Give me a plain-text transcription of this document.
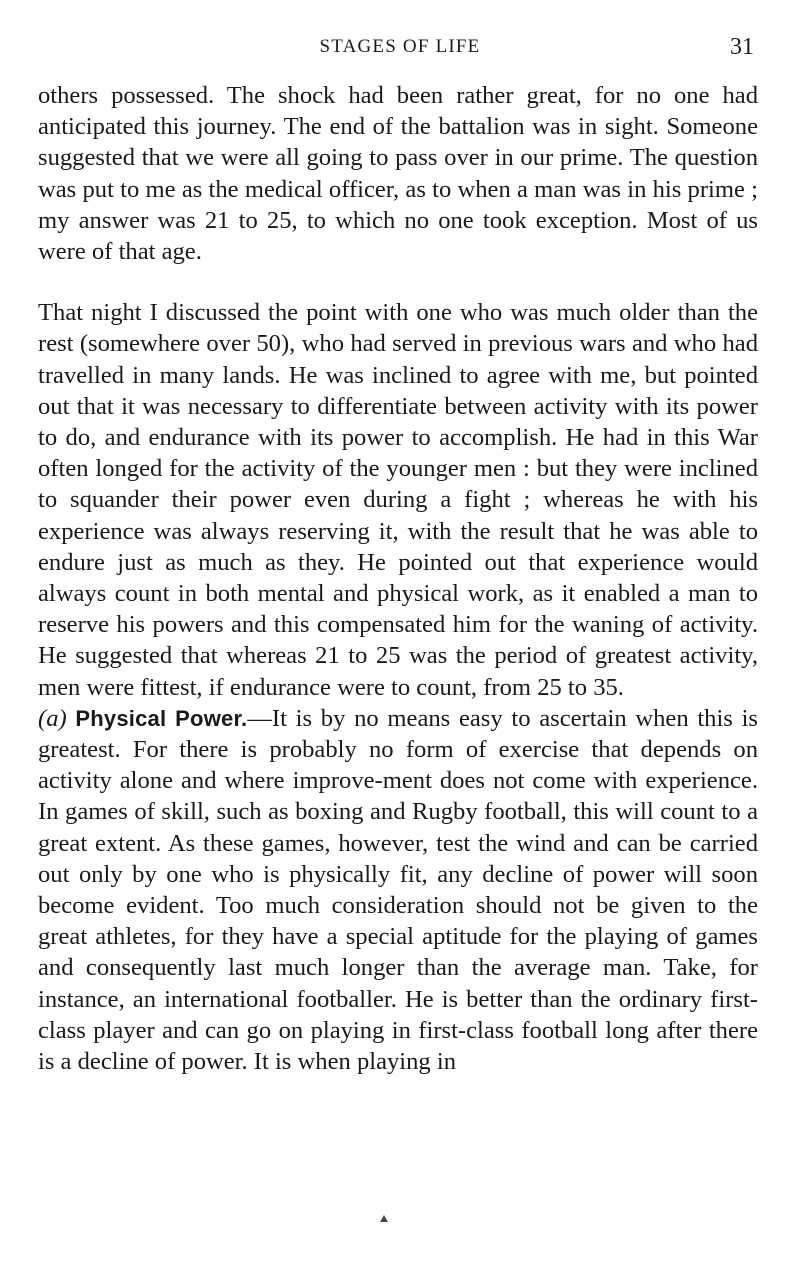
STAGES OF LIFE	31

others possessed. The shock had been rather great, for no one had anticipated this journey. The end of the battalion was in sight. Someone suggested that we were all going to pass over in our prime. The question was put to me as the medical officer, as to when a man was in his prime ; my answer was 21 to 25, to which no one took exception. Most of us were of that age.

That night I discussed the point with one who was much older than the rest (somewhere over 50), who had served in previous wars and who had travelled in many lands. He was inclined to agree with me, but pointed out that it was necessary to differentiate between activity with its power to do, and endurance with its power to accomplish. He had in this War often longed for the activity of the younger men : but they were inclined to squander their power even during a fight ; whereas he with his experience was always reserving it, with the result that he was able to endure just as much as they. He pointed out that experience would always count in both mental and physical work, as it enabled a man to reserve his powers and this compensated him for the waning of activity. He suggested that whereas 21 to 25 was the period of greatest activity, men were fittest, if endurance were to count, from 25 to 35.

(a) Physical Power.—It is by no means easy to ascertain when this is greatest. For there is probably no form of exercise that depends on activity alone and where improve-ment does not come with experience. In games of skill, such as boxing and Rugby football, this will count to a great extent. As these games, however, test the wind and can be carried out only by one who is physically fit, any decline of power will soon become evident. Too much consideration should not be given to the great athletes, for they have a special aptitude for the playing of games and consequently last much longer than the average man. Take, for instance, an international footballer. He is better than the ordinary first-class player and can go on playing in first-class football long after there is a decline of power. It is when playing in
